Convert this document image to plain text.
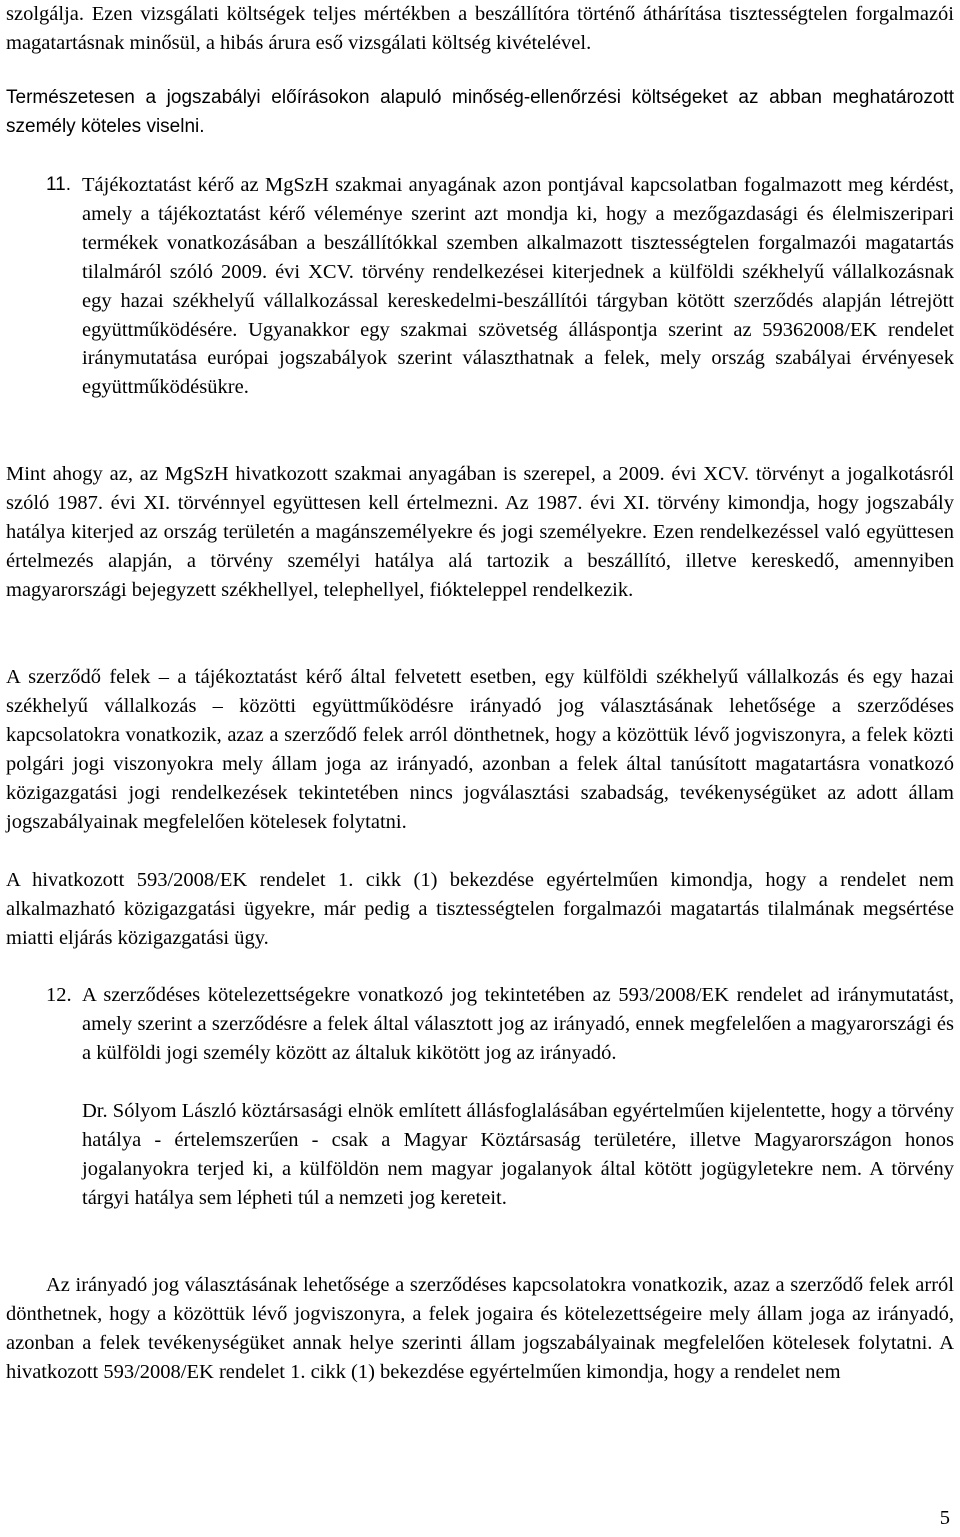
szolgálja. Ezen vizsgálati költségek teljes mértékben a beszállítóra történő áthárítása tisztességtelen forgalmazói magatartásnak minősül, a hibás árura eső vizsgálati költség kivételével.

Természetesen a jogszabályi előírásokon alapuló minőség-ellenőrzési költségeket az abban meghatározott személy köteles viselni.

11. Tájékoztatást kérő az MgSzH szakmai anyagának azon pontjával kapcsolatban fogalmazott meg kérdést, amely a tájékoztatást kérő véleménye szerint azt mondja ki, hogy a mezőgazdasági és élelmiszeripari termékek vonatkozásában a beszállítókkal szemben alkalmazott tisztességtelen forgalmazói magatartás tilalmáról szóló 2009. évi XCV. törvény rendelkezései kiterjednek a külföldi székhelyű vállalkozásnak egy hazai székhelyű vállalkozással kereskedelmi-beszállítói tárgyban kötött szerződés alapján létrejött együttműködésére. Ugyanakkor egy szakmai szövetség álláspontja szerint az 59362008/EK rendelet iránymutatása európai jogszabályok szerint választhatnak a felek, mely ország szabályai érvényesek együttműködésükre.

Mint ahogy az, az MgSzH hivatkozott szakmai anyagában is szerepel, a 2009. évi XCV. törvényt a jogalkotásról szóló 1987. évi XI. törvénnyel együttesen kell értelmezni. Az 1987. évi XI. törvény kimondja, hogy jogszabály hatálya kiterjed az ország területén a magánszemélyekre és jogi személyekre. Ezen rendelkezéssel való együttesen értelmezés alapján, a törvény személyi hatálya alá tartozik a beszállító, illetve kereskedő, amennyiben magyarországi bejegyzett székhellyel, telephellyel, fiókteleppel rendelkezik.

A szerződő felek – a tájékoztatást kérő által felvetett esetben, egy külföldi székhelyű vállalkozás és egy hazai székhelyű vállalkozás – közötti együttműködésre irányadó jog választásának lehetősége a szerződéses kapcsolatokra vonatkozik, azaz a szerződő felek arról dönthetnek, hogy a közöttük lévő jogviszonyra, a felek közti polgári jogi viszonyokra mely állam joga az irányadó, azonban a felek által tanúsított magatartásra vonatkozó közigazgatási jogi rendelkezések tekintetében nincs jogválasztási szabadság, tevékenységüket az adott állam jogszabályainak megfelelően kötelesek folytatni.

A hivatkozott 593/2008/EK rendelet 1. cikk (1) bekezdése egyértelműen kimondja, hogy a rendelet nem alkalmazható közigazgatási ügyekre, már pedig a tisztességtelen forgalmazói magatartás tilalmának megsértése miatti eljárás közigazgatási ügy.

12. A szerződéses kötelezettségekre vonatkozó jog tekintetében az 593/2008/EK rendelet ad iránymutatást, amely szerint a szerződésre a felek által választott jog az irányadó, ennek megfelelően a magyarországi és a külföldi jogi személy között az általuk kikötött jog az irányadó.

Dr. Sólyom László köztársasági elnök említett állásfoglalásában egyértelműen kijelentette, hogy a törvény hatálya - értelemszerűen - csak a Magyar Köztársaság területére, illetve Magyarországon honos jogalanyokra terjed ki, a külföldön nem magyar jogalanyok által kötött jogügyletekre nem. A törvény tárgyi hatálya sem lépheti túl a nemzeti jog kereteit.

Az irányadó jog választásának lehetősége a szerződéses kapcsolatokra vonatkozik, azaz a szerződő felek arról dönthetnek, hogy a közöttük lévő jogviszonyra, a felek jogaira és kötelezettségeire mely állam joga az irányadó, azonban a felek tevékenységüket annak helye szerinti állam jogszabályainak megfelelően kötelesek folytatni. A hivatkozott 593/2008/EK rendelet 1. cikk (1) bekezdése egyértelműen kimondja, hogy a rendelet nem

5
